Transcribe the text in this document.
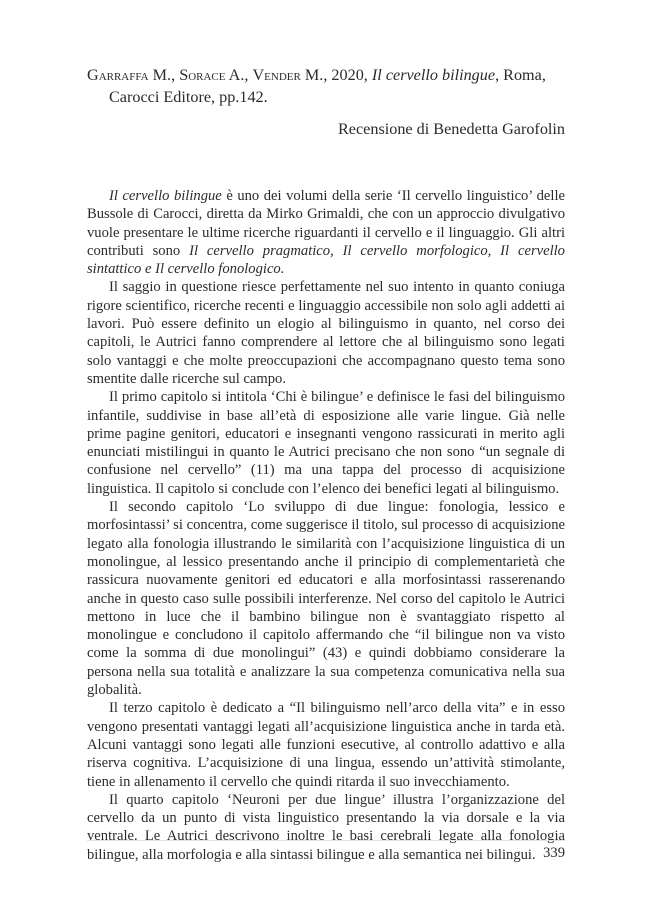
Garraffa M., Sorace A., Vender M., 2020, Il cervello bilingue, Roma, Carocci Editore, pp.142.

Recensione di Benedetta Garofolin

Il cervello bilingue è uno dei volumi della serie ‘Il cervello linguistico’ delle Bussole di Carocci, diretta da Mirko Grimaldi, che con un approccio divulgativo vuole presentare le ultime ricerche riguardanti il cervello e il linguaggio. Gli altri contributi sono Il cervello pragmatico, Il cervello morfologico, Il cervello sintattico e Il cervello fonologico.

Il saggio in questione riesce perfettamente nel suo intento in quanto coniuga rigore scientifico, ricerche recenti e linguaggio accessibile non solo agli addetti ai lavori. Può essere definito un elogio al bilinguismo in quanto, nel corso dei capitoli, le Autrici fanno comprendere al lettore che al bilinguismo sono legati solo vantaggi e che molte preoccupazioni che accompagnano questo tema sono smentite dalle ricerche sul campo.

Il primo capitolo si intitola ‘Chi è bilingue’ e definisce le fasi del bilinguismo infantile, suddivise in base all’età di esposizione alle varie lingue. Già nelle prime pagine genitori, educatori e insegnanti vengono rassicurati in merito agli enunciati mistilingui in quanto le Autrici precisano che non sono “un segnale di confusione nel cervello” (11) ma una tappa del processo di acquisizione linguistica. Il capitolo si conclude con l’elenco dei benefici legati al bilinguismo.

Il secondo capitolo ‘Lo sviluppo di due lingue: fonologia, lessico e morfosintassi’ si concentra, come suggerisce il titolo, sul processo di acquisizione legato alla fonologia illustrando le similarità con l’acquisizione linguistica di un monolingue, al lessico presentando anche il principio di complementarietà che rassicura nuovamente genitori ed educatori e alla morfosintassi rasserenando anche in questo caso sulle possibili interferenze. Nel corso del capitolo le Autrici mettono in luce che il bambino bilingue non è svantaggiato rispetto al monolingue e concludono il capitolo affermando che “il bilingue non va visto come la somma di due monolingui” (43) e quindi dobbiamo considerare la persona nella sua totalità e analizzare la sua competenza comunicativa nella sua globalità.

Il terzo capitolo è dedicato a “Il bilinguismo nell’arco della vita” e in esso vengono presentati vantaggi legati all’acquisizione linguistica anche in tarda età. Alcuni vantaggi sono legati alle funzioni esecutive, al controllo adattivo e alla riserva cognitiva. L’acquisizione di una lingua, essendo un’attività stimolante, tiene in allenamento il cervello che quindi ritarda il suo invecchiamento.

Il quarto capitolo ‘Neuroni per due lingue’ illustra l’organizzazione del cervello da un punto di vista linguistico presentando la via dorsale e la via ventrale. Le Autrici descrivono inoltre le basi cerebrali legate alla fonologia bilingue, alla morfologia e alla sintassi bilingue e alla semantica nei bilingui. 339
